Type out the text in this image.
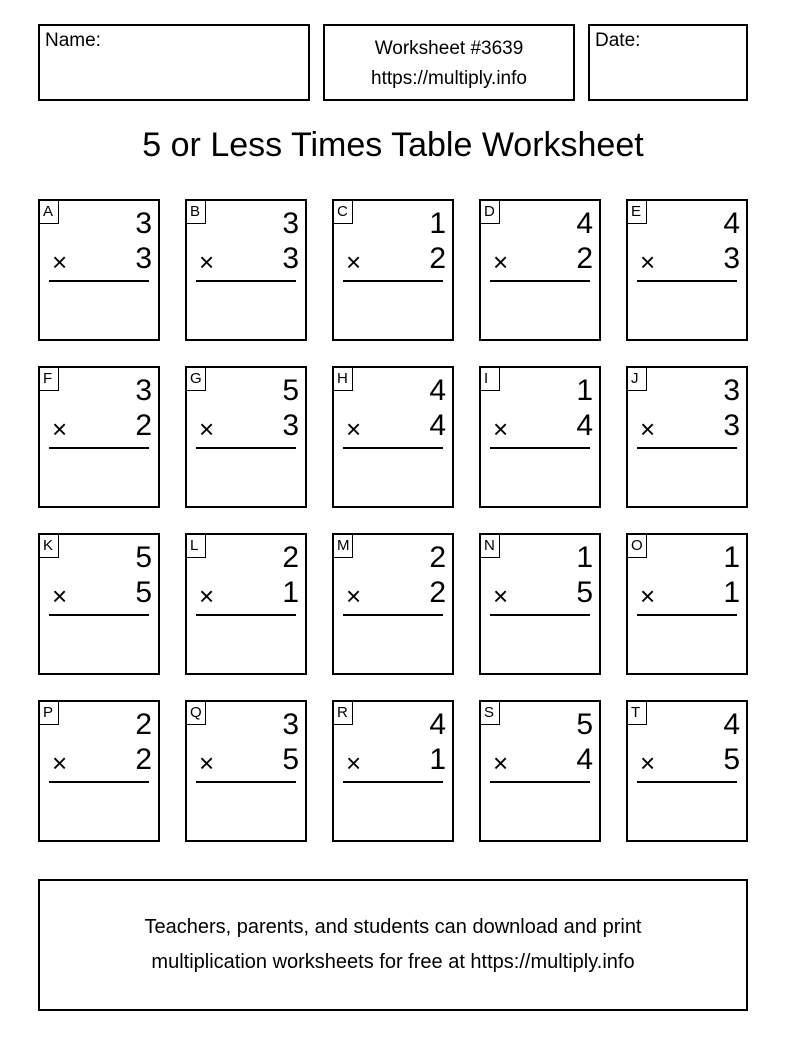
Name:	Worksheet #3639
https://multiply.info
Date:
5 or Less Times Table Worksheet
A	3
× 3
B	3
× 3
C	1
× 2
D	4
× 2
E	4
× 3
F	3
× 2
G	5
× 3
H	4
× 4
I	1
× 4
J	3
× 3
K	5
× 5
L	2
× 1
M	2
× 2
N	1
× 5
O	1
× 1
P	2
× 2
Q	3
× 5
R	4
× 1
S	5
× 4
T	4
× 5
Teachers, parents, and students can download and print
multiplication worksheets for free at https://multiply.info
